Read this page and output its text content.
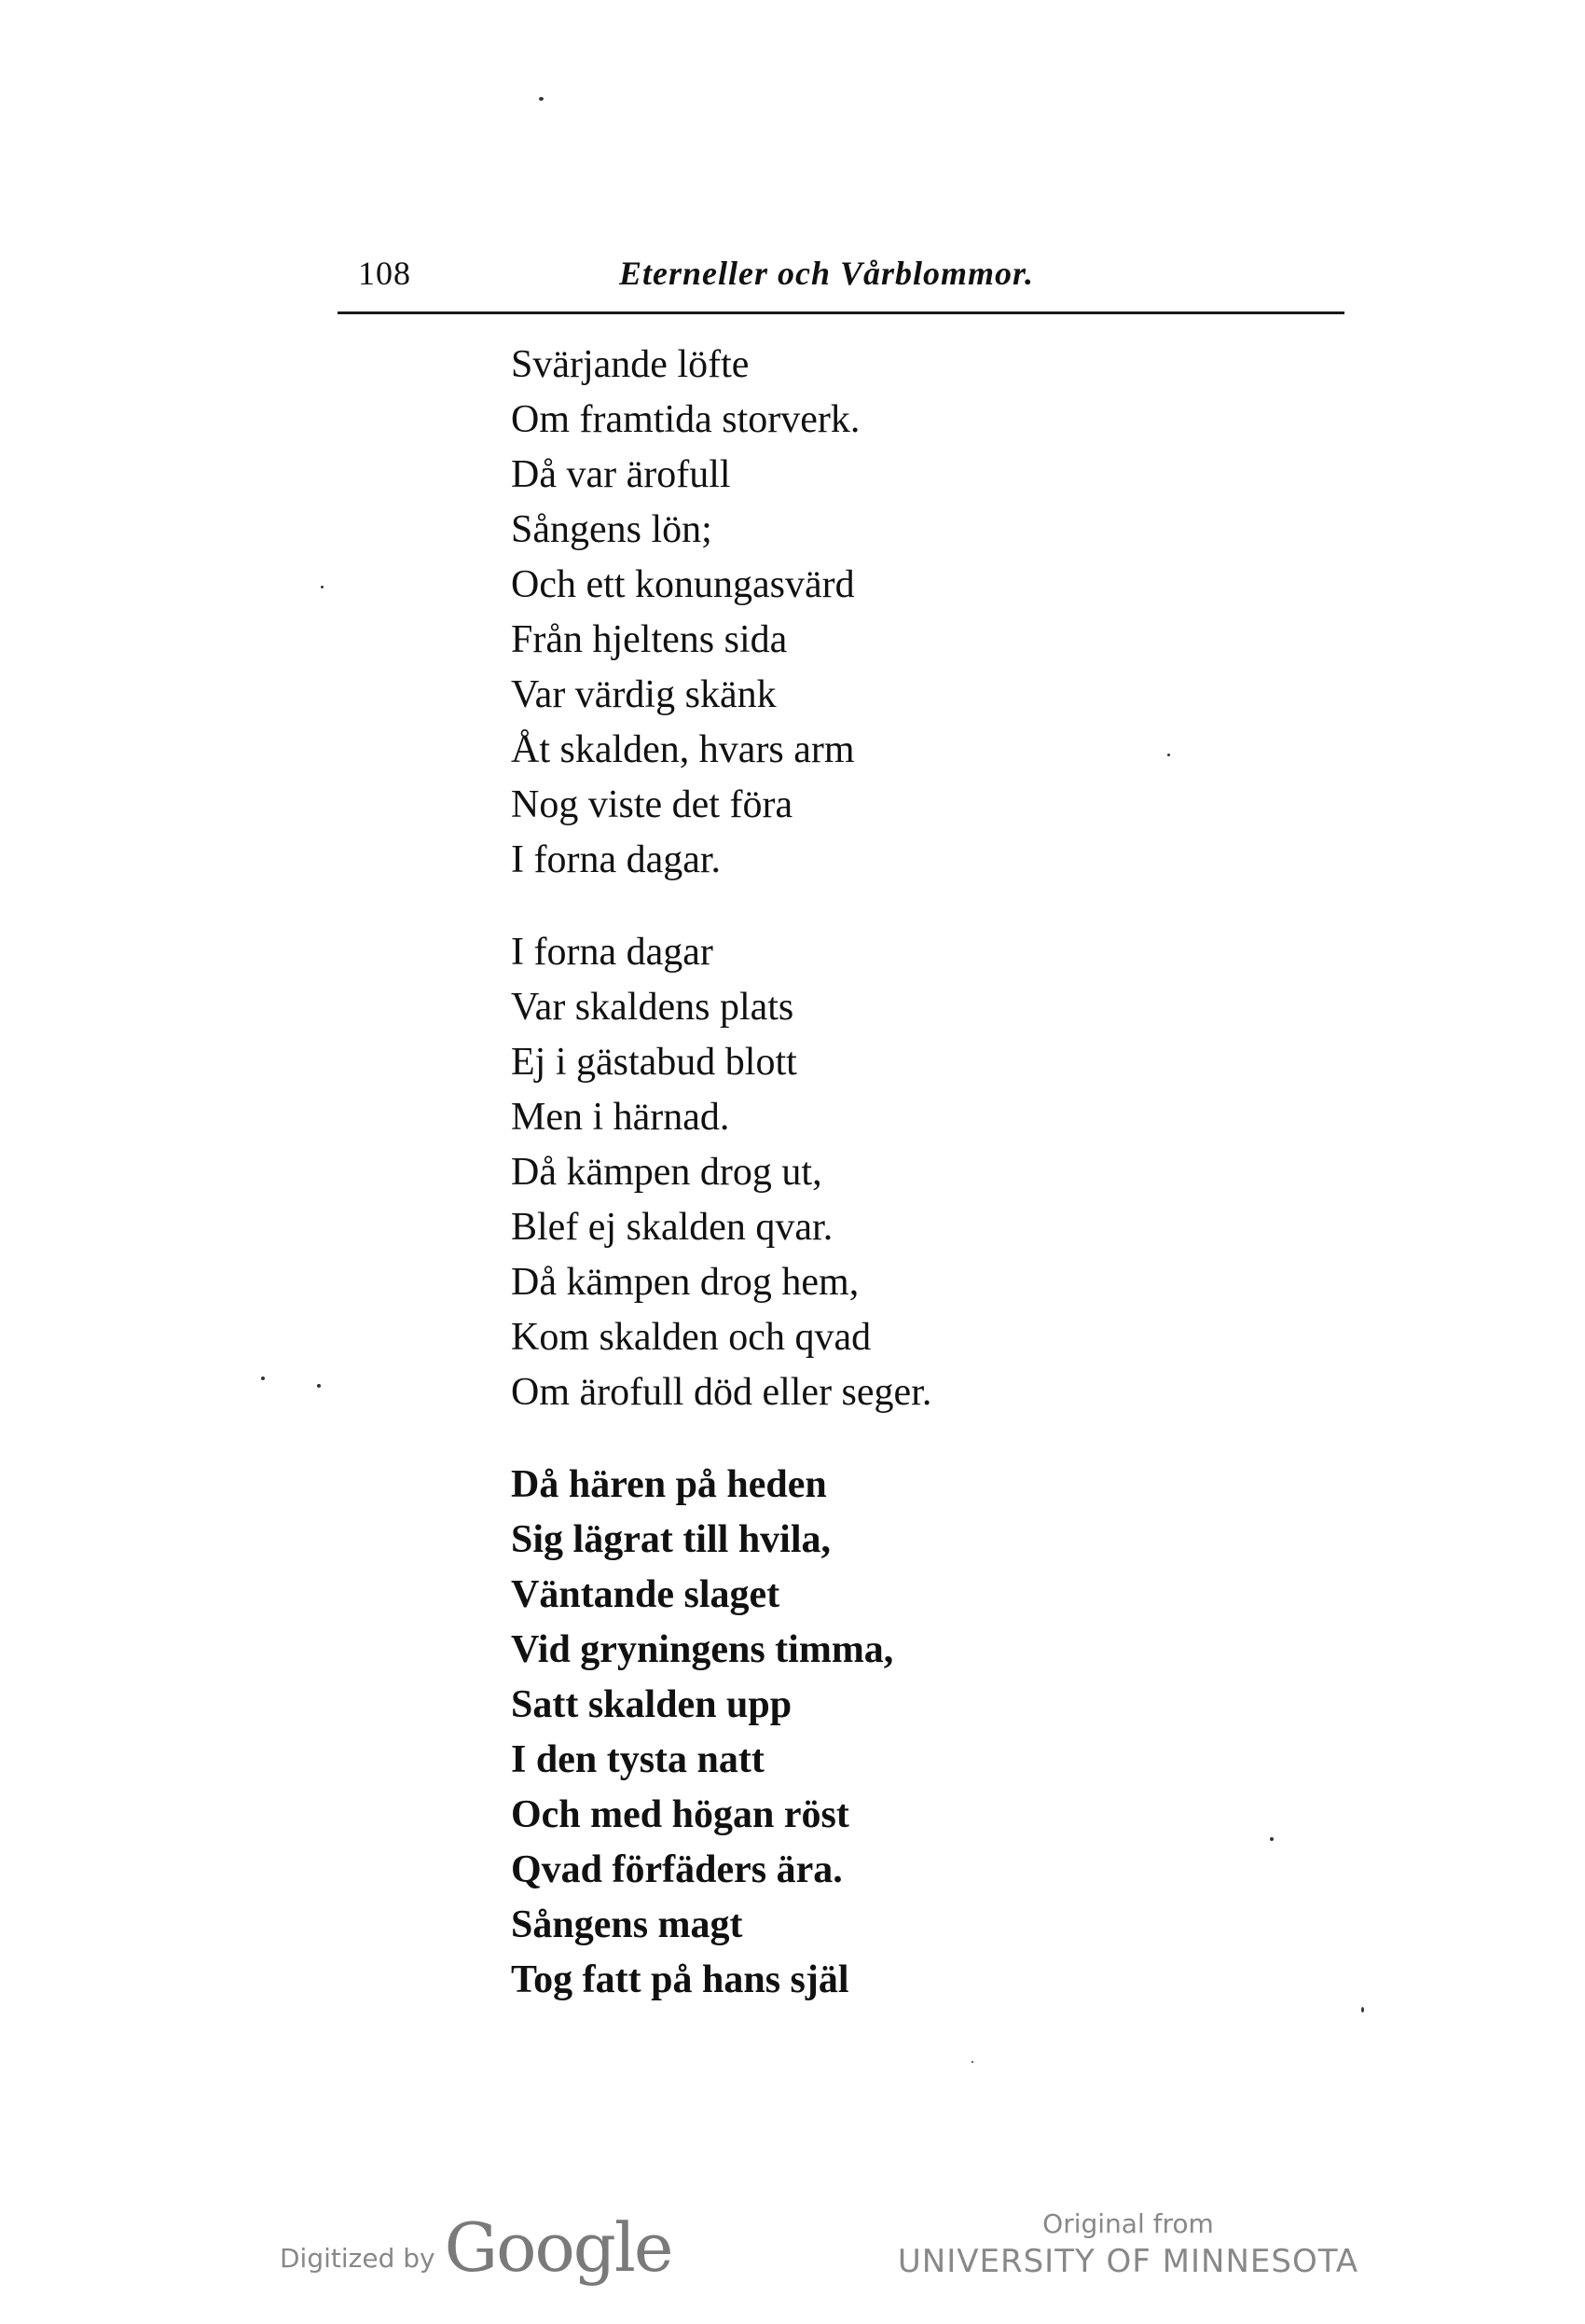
108	Eterneller och Vårblommor.
Svärjande löfte
Om framtida storverk.
Då var ärofull
Sångens lön;
Och ett konungasvärd
Från hjeltens sida
Var värdig skänk
Åt skalden, hvars arm
Nog viste det föra
I forna dagar.
I forna dagar
Var skaldens plats
Ej i gästabud blott
Men i härnad.
Då kämpen drog ut,
Blef ej skalden qvar.
Då kämpen drog hem,
Kom skalden och qvad
Om ärofull död eller seger.
Då hären på heden
Sig lägrat till hvila,
Väntande slaget
Vid gryningens timma,
Satt skalden upp
I den tysta natt
Och med högan röst
Qvad förfäders ära.
Sångens magt
Tog fatt på hans själ
Digitized by Google	Original from
UNIVERSITY OF MINNESOTA
